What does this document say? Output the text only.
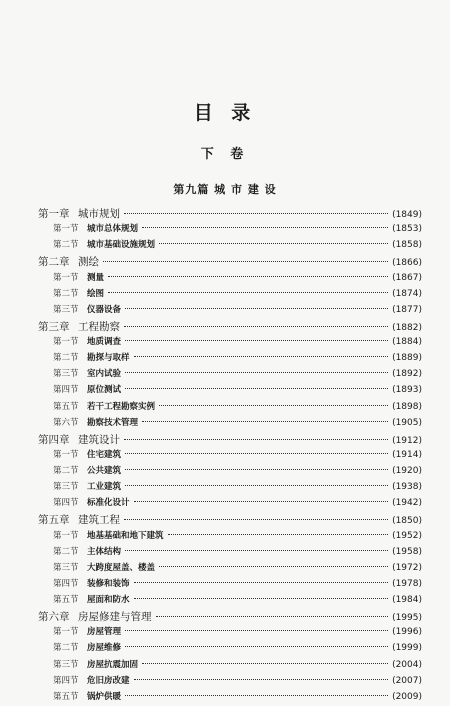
目 录
下 卷
第九篇 城 市 建 设
第一章 城市规划	(1849)
第一节 城市总体规划	(1853)
第二节 城市基础设施规划	(1858)
第二章 测绘	(1866)
第一节 测量	(1867)
第二节 绘图	(1874)
第三节 仪器设备	(1877)
第三章 工程勘察	(1882)
第一节 地质调查	(1884)
第二节 勘探与取样	(1889)
第三节 室内试验	(1892)
第四节 原位测试	(1893)
第五节 若干工程勘察实例	(1898)
第六节 勘察技术管理	(1905)
第四章 建筑设计	(1912)
第一节 住宅建筑	(1914)
第二节 公共建筑	(1920)
第三节 工业建筑	(1938)
第四节 标准化设计	(1942)
第五章 建筑工程	(1850)
第一节 地基基础和地下建筑	(1952)
第二节 主体结构	(1958)
第三节 大跨度屋盖、楼盖	(1972)
第四节 装修和装饰	(1978)
第五节 屋面和防水	(1984)
第六章 房屋修建与管理	(1995)
第一节 房屋管理	(1996)
第二节 房屋维修	(1999)
第三节 房屋抗震加固	(2004)
第四节 危旧房改建	(2007)
第五节 锅炉供暖	(2009)
